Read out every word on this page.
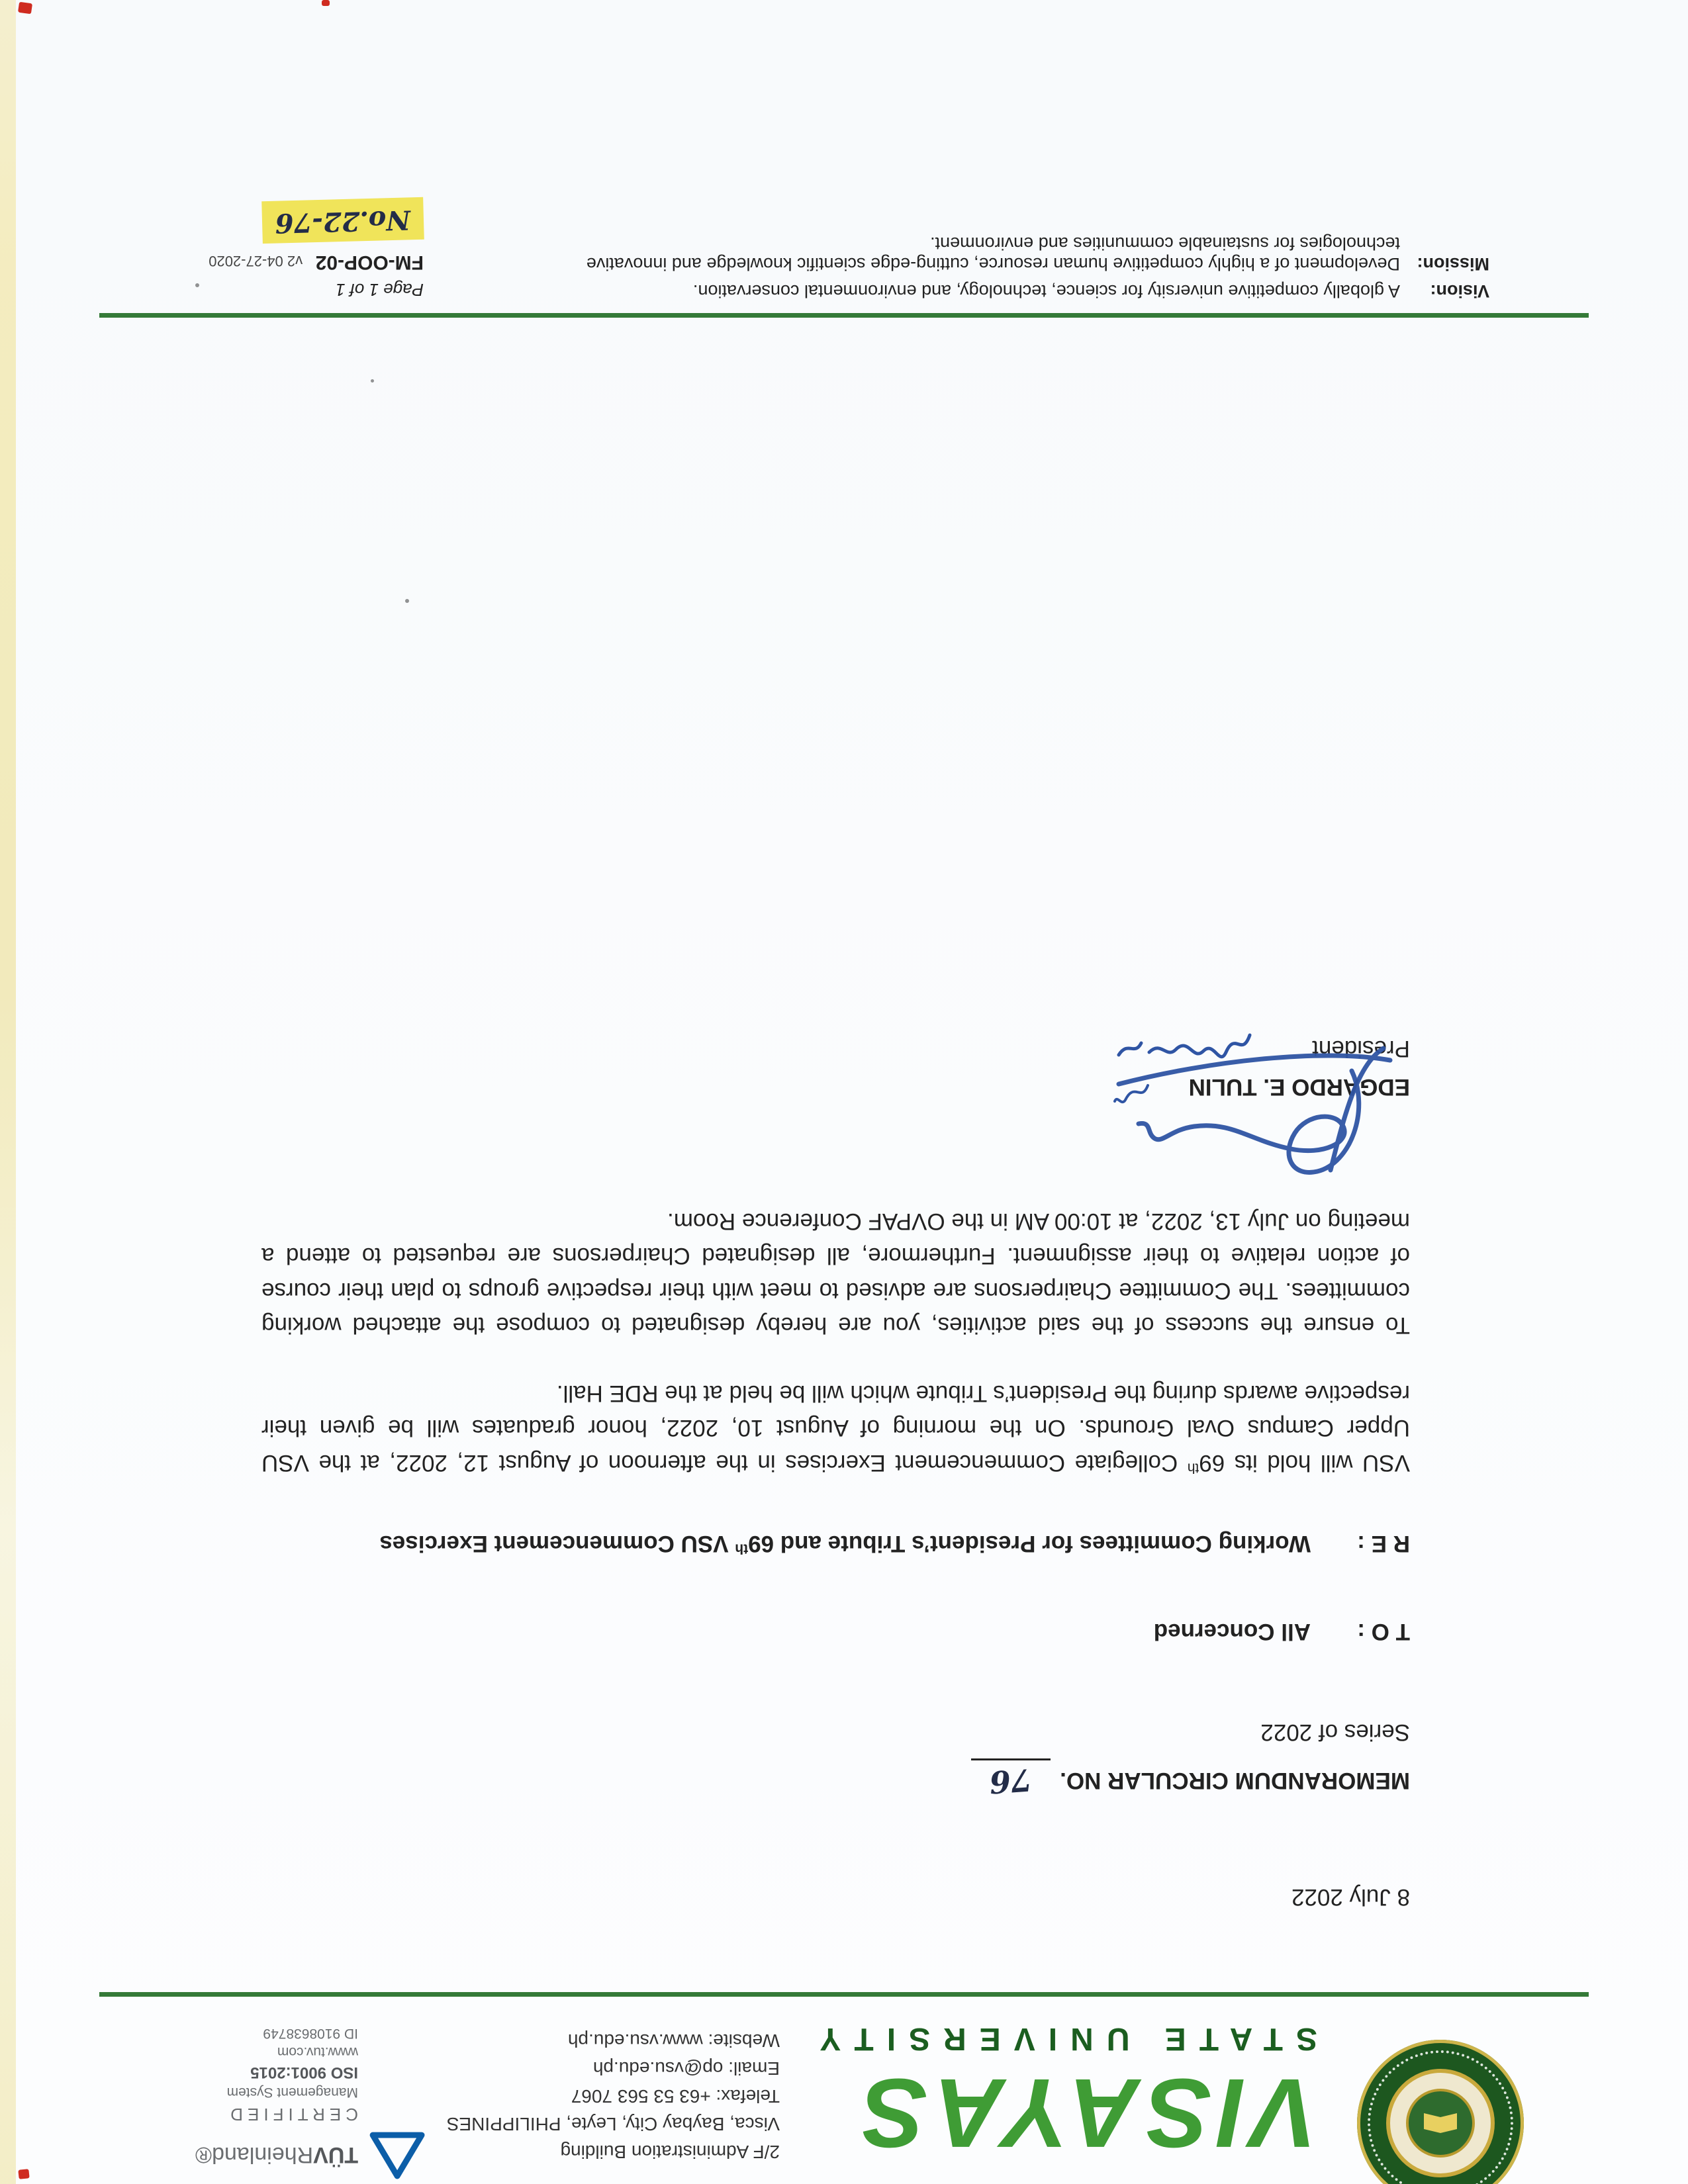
VISAYAS
STATE UNIVERSITY
2/F Administration Building
Visca, Baybay City, Leyte, PHILIPPINES
Telefax: +63 53 563 7067
Email: op@vsu.edu.ph
Website: www.vsu.edu.ph
TÜVRheinland®
CERTIFIED
Management System
ISO 9001:2015
www.tuv.com
ID 9108638749
8 July 2022
MEMORANDUM CIRCULAR NO.76
Series of 2022
T O :
All Concerned
R E :
Working Committees for President’s Tribute and 69th VSU Commencement Exercises
VSU will hold its 69th Collegiate Commencement Exercises in the afternoon of August 12, 2022, at the VSU Upper Campus Oval Grounds. On the morning of August 10, 2022, honor graduates will be given their respective awards during the President’s Tribute which will be held at the RDE Hall.
To ensure the success of the said activities, you are hereby designated to compose the attached working committees. The Committee Chairpersons are advised to meet with their respective groups to plan their course of action relative to their assignment. Furthermore, all designated Chairpersons are requested to attend a meeting on July 13, 2022, at 10:00 AM in the OVPAF Conference Room.
EDGARDO E. TULIN
President
Vision:
A globally competitive university for science, technology, and environmental conservation.
Mission:
Development of a highly competitive human resource, cutting-edge scientific knowledge and innovative technologies for sustainable communities and environment.
Page 1 of 1
FM-OOP-02 v2 04-27-2020
No.22-76
